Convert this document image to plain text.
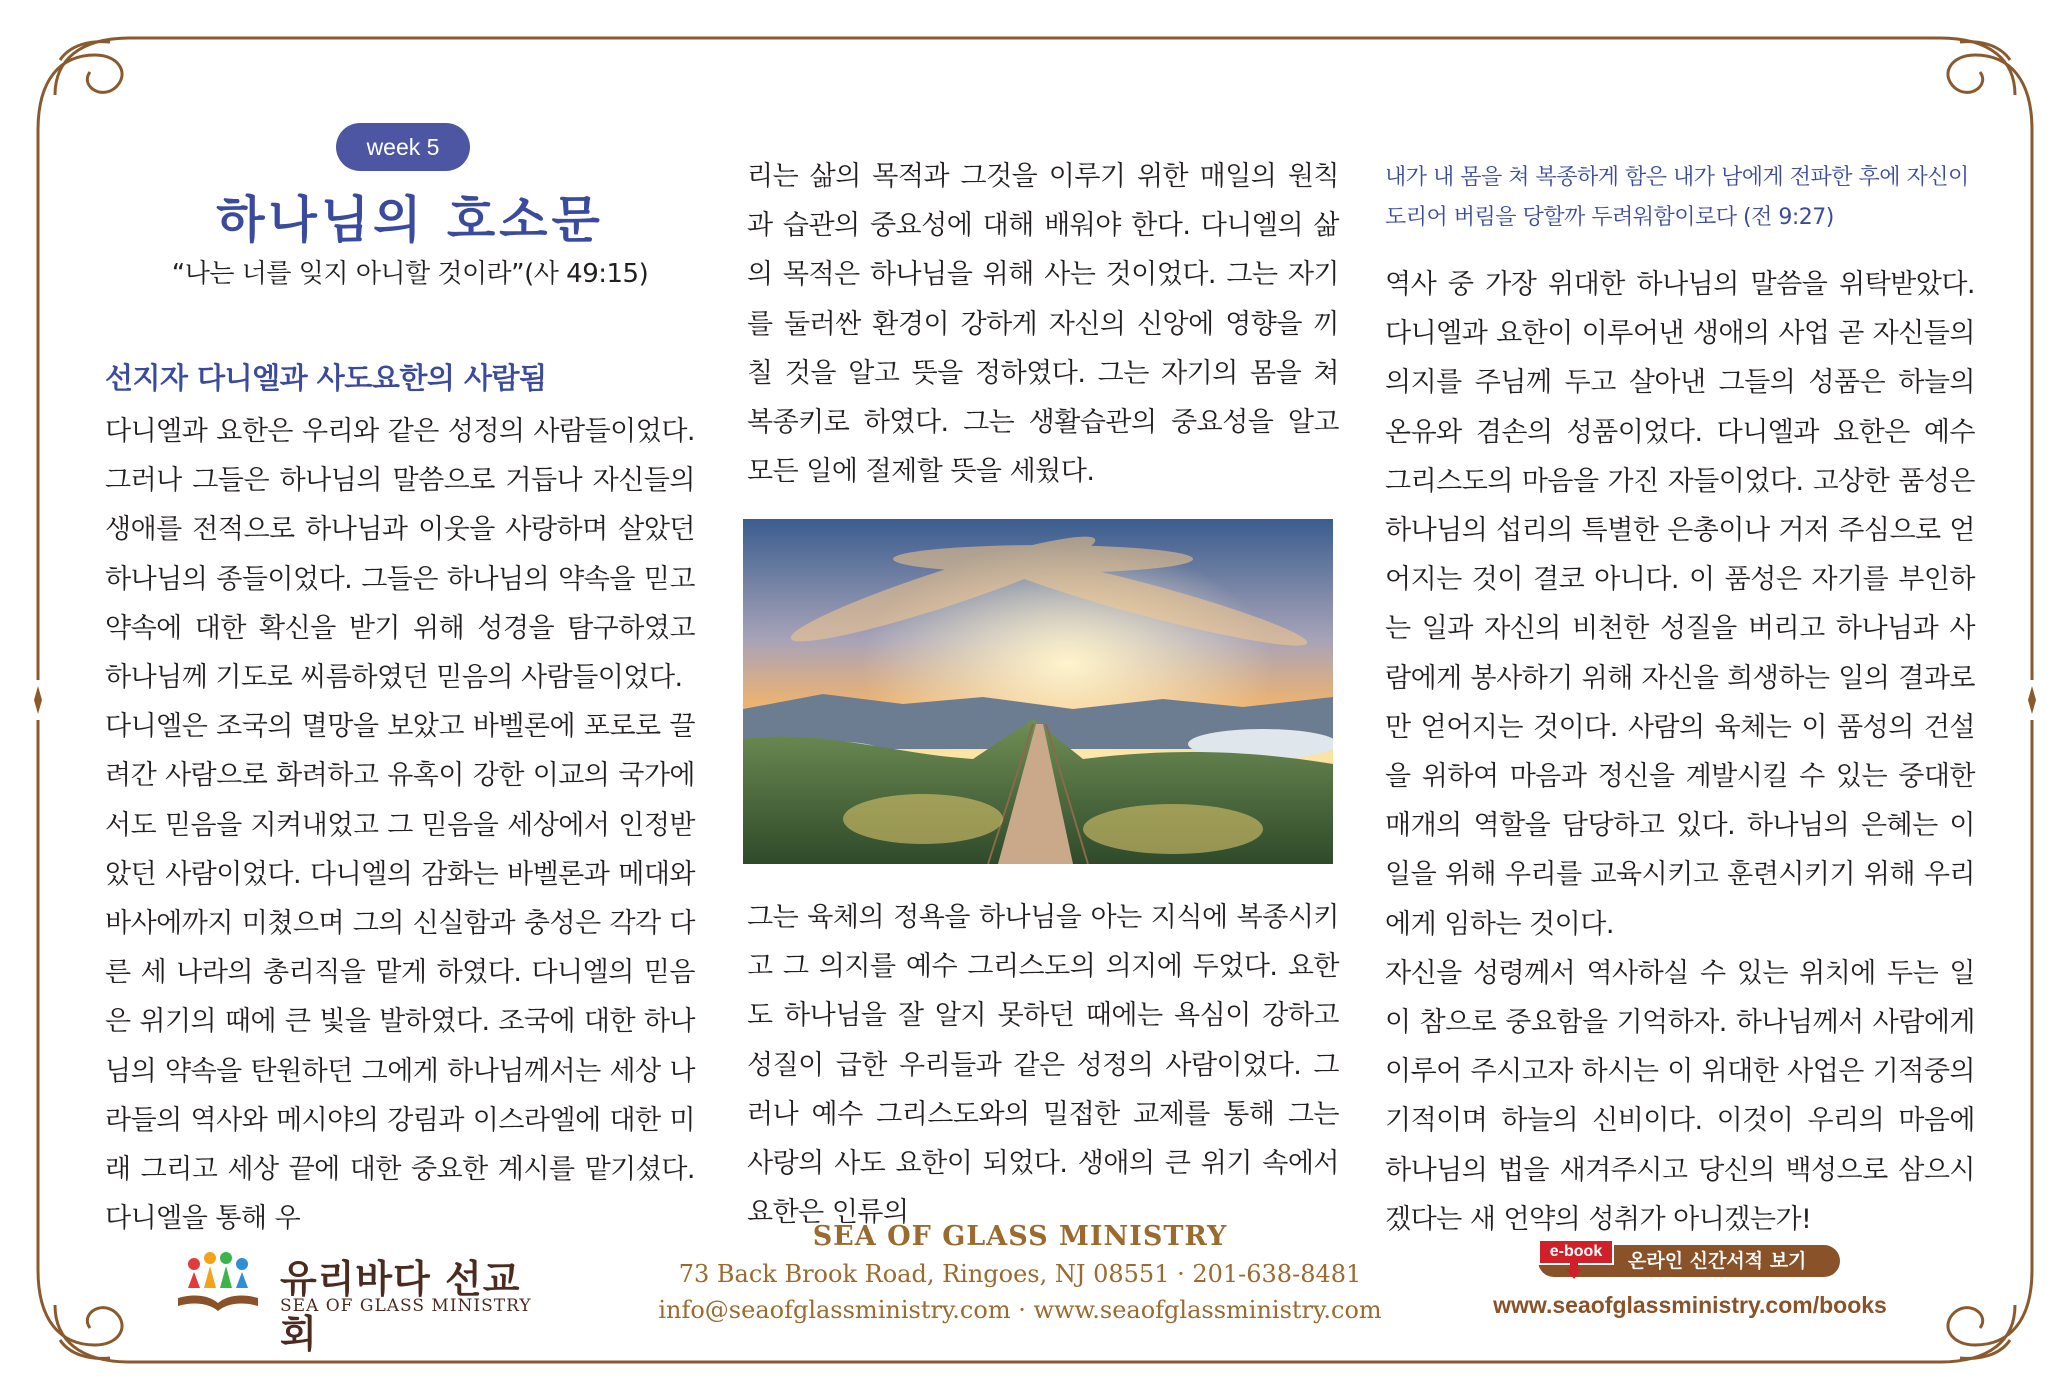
week 5
하나님의 호소문

“나는 너를 잊지 아니할 것이라”(사 49:15)

선지자 다니엘과 사도요한의 사람됨

다니엘과 요한은 우리와 같은 성정의 사람들이었다. 그러나 그들은 하나님의 말씀으로 거듭나 자신들의 생애를 전적으로 하나님과 이웃을 사랑하며 살았던 하나님의 종들이었다. 그들은 하나님의 약속을 믿고 약속에 대한 확신을 받기 위해 성경을 탐구하였고 하나님께 기도로 씨름하였던 믿음의 사람들이었다.

다니엘은 조국의 멸망을 보았고 바벨론에 포로로 끌려간 사람으로 화려하고 유혹이 강한 이교의 국가에서도 믿음을 지켜내었고 그 믿음을 세상에서 인정받았던 사람이었다. 다니엘의 감화는 바벨론과 메대와 바사에까지 미쳤으며 그의 신실함과 충성은 각각 다른 세 나라의 총리직을 맡게 하였다. 다니엘의 믿음은 위기의 때에 큰 빛을 발하였다. 조국에 대한 하나님의 약속을 탄원하던 그에게 하나님께서는 세상 나라들의 역사와 메시야의 강림과 이스라엘에 대한 미래 그리고 세상 끝에 대한 중요한 계시를 맡기셨다. 다니엘을 통해 우

리는 삶의 목적과 그것을 이루기 위한 매일의 원칙과 습관의 중요성에 대해 배워야 한다. 다니엘의 삶의 목적은 하나님을 위해 사는 것이었다. 그는 자기를 둘러싼 환경이 강하게 자신의 신앙에 영향을 끼칠 것을 알고 뜻을 정하였다. 그는 자기의 몸을 쳐 복종키로 하였다. 그는 생활습관의 중요성을 알고 모든 일에 절제할 뜻을 세웠다.

그는 육체의 정욕을 하나님을 아는 지식에 복종시키고 그 의지를 예수 그리스도의 의지에 두었다. 요한도 하나님을 잘 알지 못하던 때에는 욕심이 강하고 성질이 급한 우리들과 같은 성정의 사람이었다. 그러나 예수 그리스도와의 밀접한 교제를 통해 그는 사랑의 사도 요한이 되었다. 생애의 큰 위기 속에서 요한은 인류의

내가 내 몸을 쳐 복종하게 함은 내가 남에게 전파한 후에 자신이 도리어 버림을 당할까 두려워함이로다 (전 9:27)

역사 중 가장 위대한 하나님의 말씀을 위탁받았다. 다니엘과 요한이 이루어낸 생애의 사업 곧 자신들의 의지를 주님께 두고 살아낸 그들의 성품은 하늘의 온유와 겸손의 성품이었다. 다니엘과 요한은 예수 그리스도의 마음을 가진 자들이었다. 고상한 품성은 하나님의 섭리의 특별한 은총이나 거저 주심으로 얻어지는 것이 결코 아니다. 이 품성은 자기를 부인하는 일과 자신의 비천한 성질을 버리고 하나님과 사람에게 봉사하기 위해 자신을 희생하는 일의 결과로만 얻어지는 것이다. 사람의 육체는 이 품성의 건설을 위하여 마음과 정신을 계발시킬 수 있는 중대한 매개의 역할을 담당하고 있다. 하나님의 은혜는 이 일을 위해 우리를 교육시키고 훈련시키기 위해 우리에게 임하는 것이다.

자신을 성령께서 역사하실 수 있는 위치에 두는 일이 참으로 중요함을 기억하자. 하나님께서 사람에게 이루어 주시고자 하시는 이 위대한 사업은 기적중의 기적이며 하늘의 신비이다. 이것이 우리의 마음에 하나님의 법을 새겨주시고 당신의 백성으로 삼으시겠다는 새 언약의 성취가 아니겠는가!

유리바다 선교회
SEA OF GLASS MINISTRY
SEA OF GLASS MINISTRY
73 Back Brook Road, Ringoes, NJ 08551 · 201-638-8481
info@seaofglassministry.com · www.seaofglassministry.com
e-book	온라인 신간서적 보기
www.seaofglassministry.com/books
